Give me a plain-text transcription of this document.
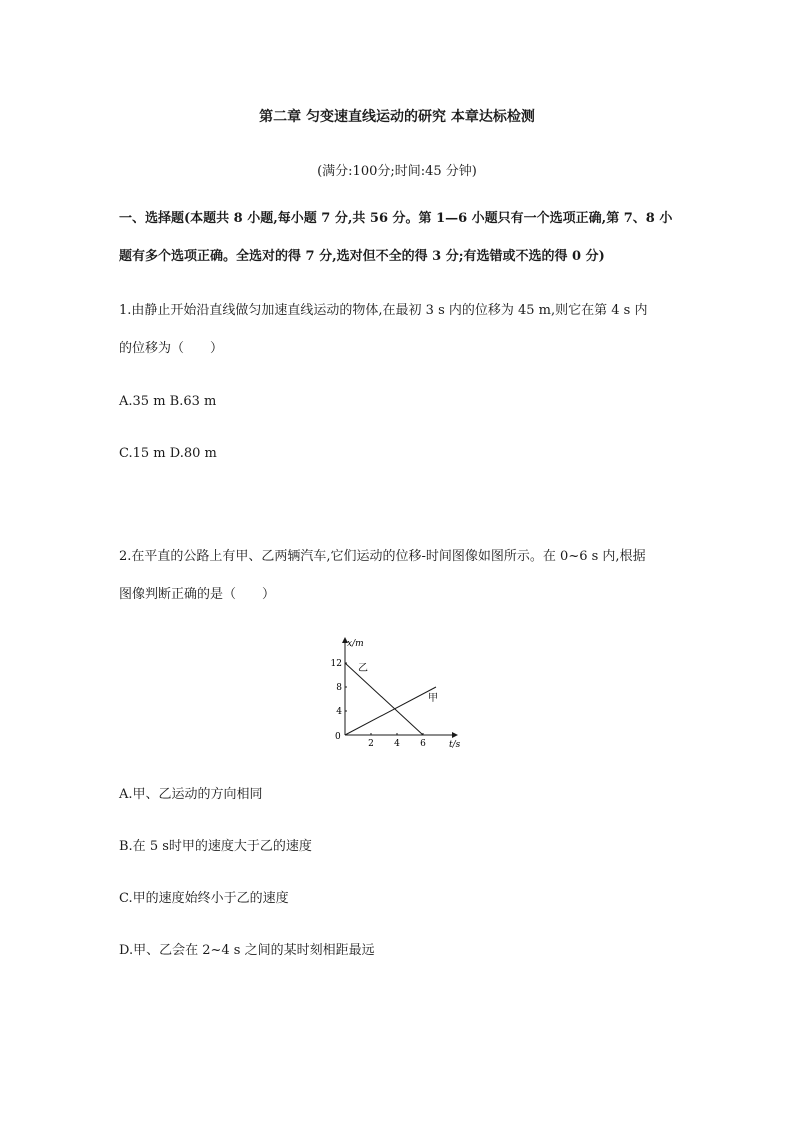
第二章 匀变速直线运动的研究 本章达标检测
(满分:100分;时间:45 分钟)
一、选择题(本题共 8 小题,每小题 7 分,共 56 分。第 1—6 小题只有一个选项正确,第 7、8 小
题有多个选项正确。全选对的得 7 分,选对但不全的得 3 分;有选错或不选的得 0 分)
1.由静止开始沿直线做匀加速直线运动的物体,在最初 3 s 内的位移为 45 m,则它在第 4 s 内
的位移为（　　）
A.35 m B.63 m
C.15 m D.80 m
2.在平直的公路上有甲、乙两辆汽车,它们运动的位移-时间图像如图所示。在 0~6 s 内,根据
图像判断正确的是（　　）
x/m
t/s
0
2 4 6
4
8
12 乙
甲
A.甲、乙运动的方向相同
B.在 5 s时甲的速度大于乙的速度
C.甲的速度始终小于乙的速度
D.甲、乙会在 2~4 s 之间的某时刻相距最远
